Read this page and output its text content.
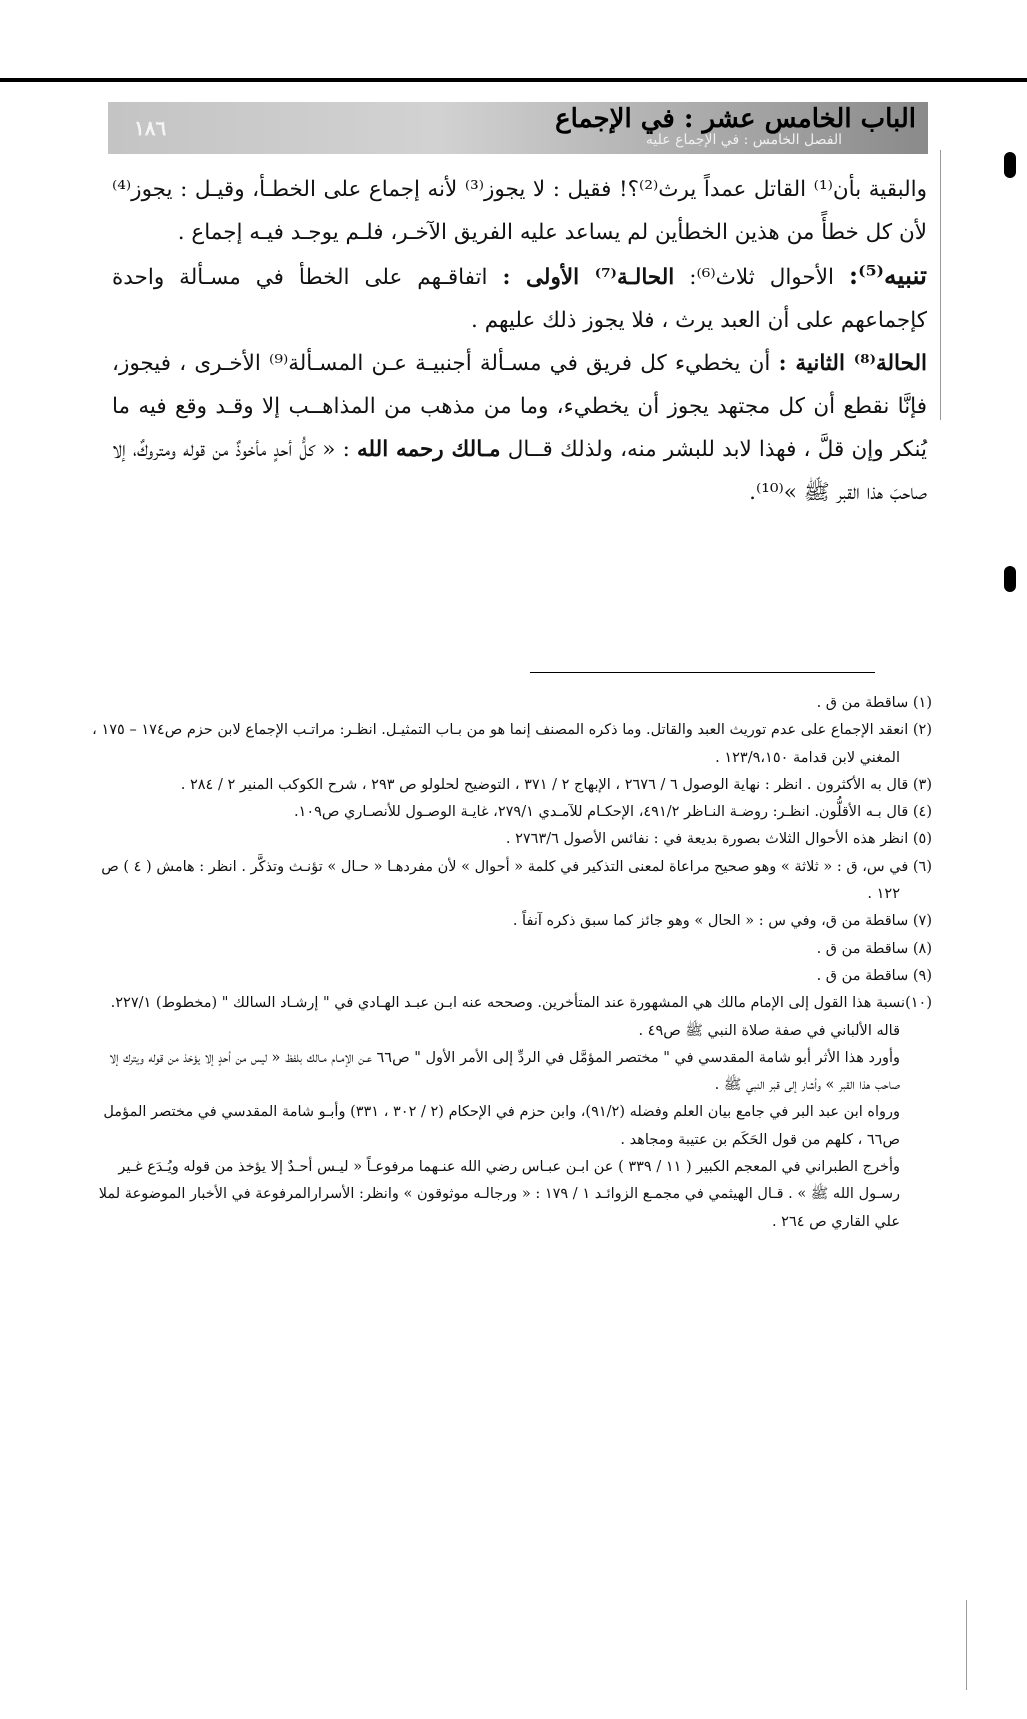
الباب الخامس عشر : في الإجماع
الفصل الخامس : في الإجماع عليه
١٨٦

والبقية بأن⁽¹⁾ القاتل عمداً يرث⁽²⁾؟! فقيل : لا يجوز⁽³⁾ لأنه إجماع على الخطـأ، وقيـل : يجوز⁽⁴⁾ لأن كل خطأً من هذين الخطأين لم يساعد عليه الفريق الآخـر، فلـم يوجـد فيـه إجماع .

تنبيه⁽⁵⁾: الأحوال ثلاث⁽⁶⁾: الحالـة⁽⁷⁾ الأولى : اتفاقـهم على الخطأ في مسـألة واحدة كإجماعهم على أن العبد يرث ، فلا يجوز ذلك عليهم .

الحالة⁽⁸⁾ الثانية : أن يخطيء كل فريق في مسـألة أجنبيـة عـن المسـألة⁽⁹⁾ الأخـرى ، فيجوز، فإنَّا نقطع أن كل مجتهد يجوز أن يخطيء، وما من مذهب من المذاهــب إلا وقـد وقع فيه ما يُنكر وإن قلَّ ، فهذا لابد للبشر منه، ولذلك قــال مـالك رحمه الله : « كلُّ أحدٍ مأخوذٌ من قوله ومتروكٌ، إلا صاحبَ هذا القبر ﷺ »⁽¹⁰⁾.

(١) ساقطة من ق .

(٢) انعقد الإجماع على عدم توريث العبد والقاتل. وما ذكره المصنف إنما هو من بـاب التمثيـل. انظـر: مراتـب الإجماع لابن حزم ص١٧٤ – ١٧٥ ، المغني لابن قدامة ١٢٣/٩،١٥٠ .

(٣) قال به الأكثرون . انظر : نهاية الوصول ٦ / ٢٦٧٦ ، الإبهاج ٢ / ٣٧١ ، التوضيح لحلولو ص ٢٩٣ ، شرح الكوكب المنير ٢ / ٢٨٤ .

(٤) قال بـه الأقلُّون. انظـر: روضـة النـاظر ٤٩١/٢، الإحكـام للآمـدي ٢٧٩/١، غايـة الوصـول للأنصـاري ص١٠٩.

(٥) انظر هذه الأحوال الثلاث بصورة بديعة في : نفائس الأصول ٢٧٦٣/٦ .

(٦) في س، ق : « ثلاثة » وهو صحيح مراعاة لمعنى التذكير في كلمة « أحوال » لأن مفردهـا « حـال » تؤنـث وتذكَّر . انظر : هامش ( ٤ ) ص ١٢٢ .

(٧) ساقطة من ق، وفي س : « الحال » وهو جائز كما سبق ذكره آنفاً .

(٨) ساقطة من ق .

(٩) ساقطة من ق .

(١٠)نسبة هذا القول إلى الإمام مالك هي المشهورة عند المتأخرين. وصححه عنه ابـن عبـد الهـادي في " إرشـاد السالك " (مخطوط) ٢٢٧/١. قاله الألباني في صفة صلاة النبي ﷺ ص٤٩ .

وأورد هذا الأثر أبو شامة المقدسي في " مختصر المؤمَّل في الردِّ إلى الأمر الأول " ص٦٦ عـن الإمـام مـالك بلفظ « ليس من أحدٍ إلا يؤخذ من قوله ويترك إلا صاحب هذا القبر » وأشار إلى قبر النبي ﷺ .

ورواه ابن عبد البر في جامع بيان العلم وفضله (٩١/٢)، وابن حزم في الإحكام (٢ / ٣٠٢ ، ٣٣١) وأبـو شامة المقدسي في مختصر المؤمل ص٦٦ ، كلهم من قول الحَكَم بن عتيبة ومجاهد .

وأخرج الطبراني في المعجم الكبير ( ١١ / ٣٣٩ ) عن ابـن عبـاس رضي الله عنـهما مرفوعـاً « ليـس أحـدٌ إلا يؤخذ من قوله ويُـدَع غـير رسـول الله ﷺ » . قـال الهيثمي في مجمـع الزوائـد ١ / ١٧٩ : « ورجالـه موثوقون » وانظر: الأسرارالمرفوعة في الأخبار الموضوعة لملا علي القاري ص ٢٦٤ .
